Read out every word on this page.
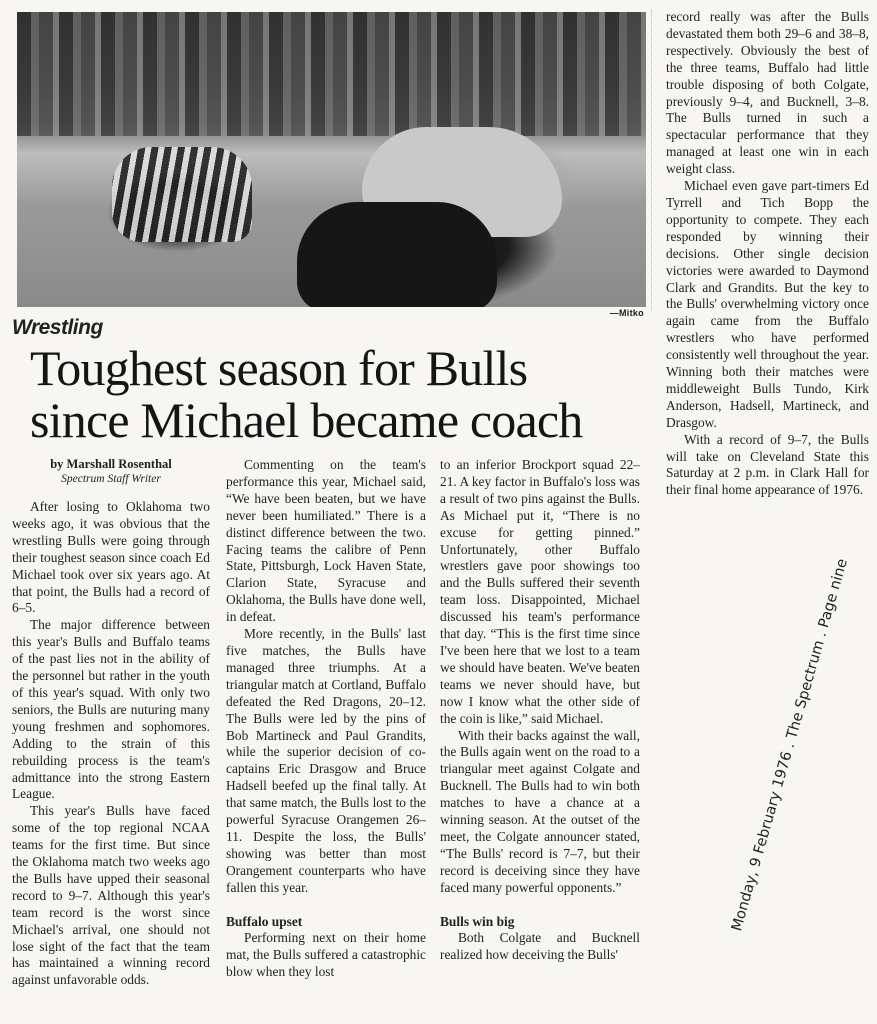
—Mitko
Wrestling
Toughest season for Bulls
since Michael became coach

by Marshall Rosenthal

Spectrum Staff Writer

After losing to Oklahoma two weeks ago, it was obvious that the wrestling Bulls were going through their toughest season since coach Ed Michael took over six years ago. At that point, the Bulls had a record of 6–5.

The major difference between this year's Bulls and Buffalo teams of the past lies not in the ability of the personnel but rather in the youth of this year's squad. With only two seniors, the Bulls are nuturing many young freshmen and sophomores. Adding to the strain of this rebuilding process is the team's admittance into the strong Eastern League.

This year's Bulls have faced some of the top regional NCAA teams for the first time. But since the Oklahoma match two weeks ago the Bulls have upped their seasonal record to 9–7. Although this year's team record is the worst since Michael's arrival, one should not lose sight of the fact that the team has maintained a winning record against unfavorable odds.

Commenting on the team's performance this year, Michael said, “We have been beaten, but we have never been humiliated.” There is a distinct difference between the two. Facing teams the calibre of Penn State, Pittsburgh, Lock Haven State, Clarion State, Syracuse and Oklahoma, the Bulls have done well, in defeat.

More recently, in the Bulls' last five matches, the Bulls have managed three triumphs. At a triangular match at Cortland, Buffalo defeated the Red Dragons, 20–12. The Bulls were led by the pins of Bob Martineck and Paul Grandits, while the superior decision of co-captains Eric Drasgow and Bruce Hadsell beefed up the final tally. At that same match, the Bulls lost to the powerful Syracuse Orangemen 26–11. Despite the loss, the Bulls' showing was better than most Orangement counterparts who have fallen this year.

Buffalo upset

Performing next on their home mat, the Bulls suffered a catastrophic blow when they lost

to an inferior Brockport squad 22–21. A key factor in Buffalo's loss was a result of two pins against the Bulls. As Michael put it, “There is no excuse for getting pinned.” Unfortunately, other Buffalo wrestlers gave poor showings too and the Bulls suffered their seventh team loss. Disappointed, Michael discussed his team's performance that day. “This is the first time since I've been here that we lost to a team we should have beaten. We've beaten teams we never should have, but now I know what the other side of the coin is like,” said Michael.

With their backs against the wall, the Bulls again went on the road to a triangular meet against Colgate and Bucknell. The Bulls had to win both matches to have a chance at a winning season. At the outset of the meet, the Colgate announcer stated, “The Bulls' record is 7–7, but their record is deceiving since they have faced many powerful opponents.”

Bulls win big

Both Colgate and Bucknell realized how deceiving the Bulls'

record really was after the Bulls devastated them both 29–6 and 38–8, respectively. Obviously the best of the three teams, Buffalo had little trouble disposing of both Colgate, previously 9–4, and Bucknell, 3–8. The Bulls turned in such a spectacular performance that they managed at least one win in each weight class.

Michael even gave part-timers Ed Tyrrell and Tich Bopp the opportunity to compete. They each responded by winning their decisions. Other single decision victories were awarded to Daymond Clark and Grandits. But the key to the Bulls' overwhelming victory once again came from the Buffalo wrestlers who have performed consistently well throughout the year. Winning both their matches were middleweight Bulls Tundo, Kirk Anderson, Hadsell, Martineck, and Drasgow.

With a record of 9–7, the Bulls will take on Cleveland State this Saturday at 2 p.m. in Clark Hall for their final home appearance of 1976.

Monday, 9 February 1976 . The Spectrum . Page nine
